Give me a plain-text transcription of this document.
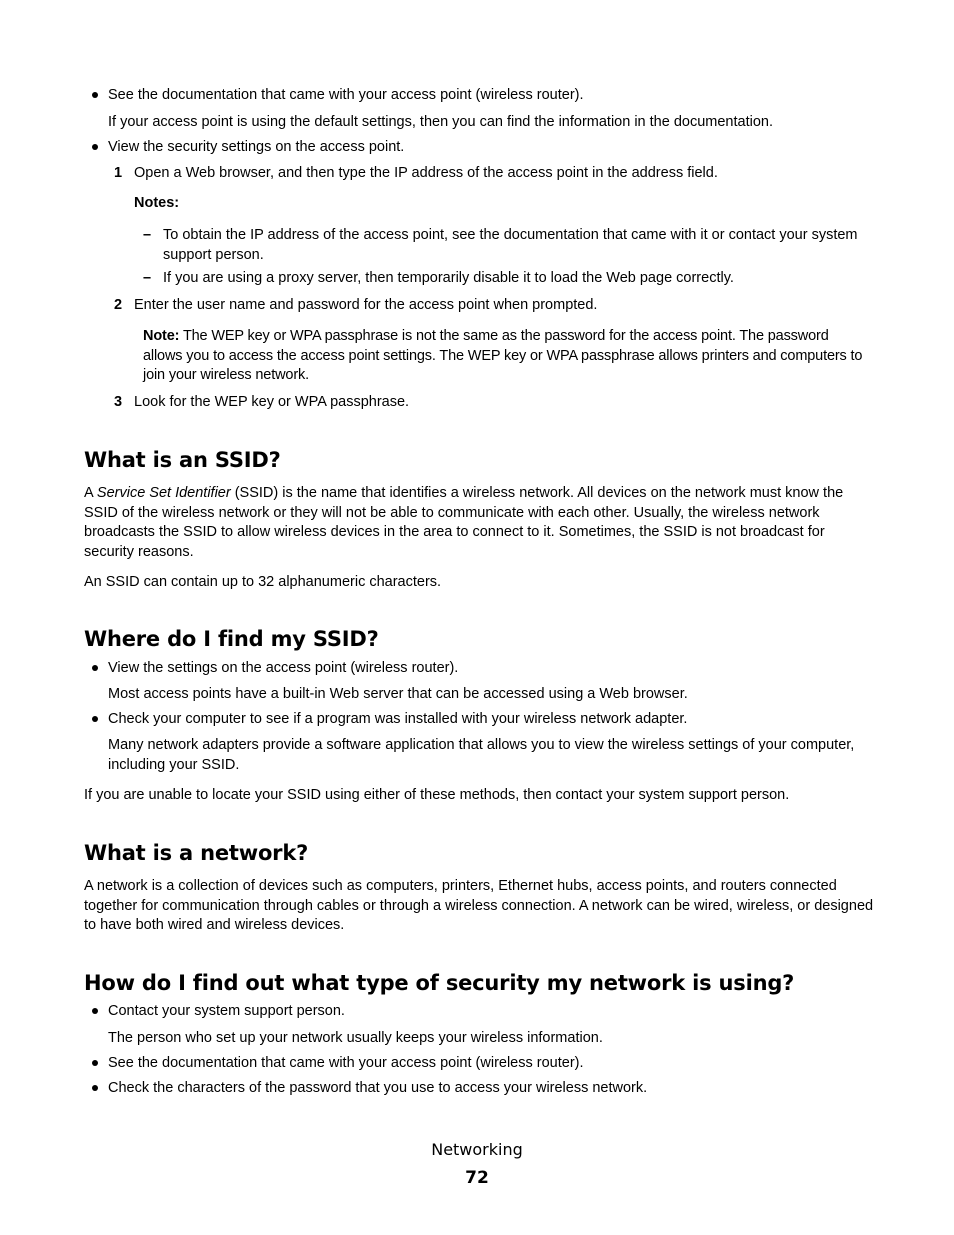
See the documentation that came with your access point (wireless router).
If your access point is using the default settings, then you can find the information in the documentation.
View the security settings on the access point.
1 Open a Web browser, and then type the IP address of the access point in the address field.
Notes:
– To obtain the IP address of the access point, see the documentation that came with it or contact your system support person.
– If you are using a proxy server, then temporarily disable it to load the Web page correctly.
2 Enter the user name and password for the access point when prompted.
Note: The WEP key or WPA passphrase is not the same as the password for the access point. The password allows you to access the access point settings. The WEP key or WPA passphrase allows printers and computers to join your wireless network.
3 Look for the WEP key or WPA passphrase.
What is an SSID?
A Service Set Identifier (SSID) is the name that identifies a wireless network. All devices on the network must know the SSID of the wireless network or they will not be able to communicate with each other. Usually, the wireless network broadcasts the SSID to allow wireless devices in the area to connect to it. Sometimes, the SSID is not broadcast for security reasons.
An SSID can contain up to 32 alphanumeric characters.
Where do I find my SSID?
View the settings on the access point (wireless router).
Most access points have a built-in Web server that can be accessed using a Web browser.
Check your computer to see if a program was installed with your wireless network adapter.
Many network adapters provide a software application that allows you to view the wireless settings of your computer, including your SSID.
If you are unable to locate your SSID using either of these methods, then contact your system support person.
What is a network?
A network is a collection of devices such as computers, printers, Ethernet hubs, access points, and routers connected together for communication through cables or through a wireless connection. A network can be wired, wireless, or designed to have both wired and wireless devices.
How do I find out what type of security my network is using?
Contact your system support person.
The person who set up your network usually keeps your wireless information.
See the documentation that came with your access point (wireless router).
Check the characters of the password that you use to access your wireless network.
Networking
72
